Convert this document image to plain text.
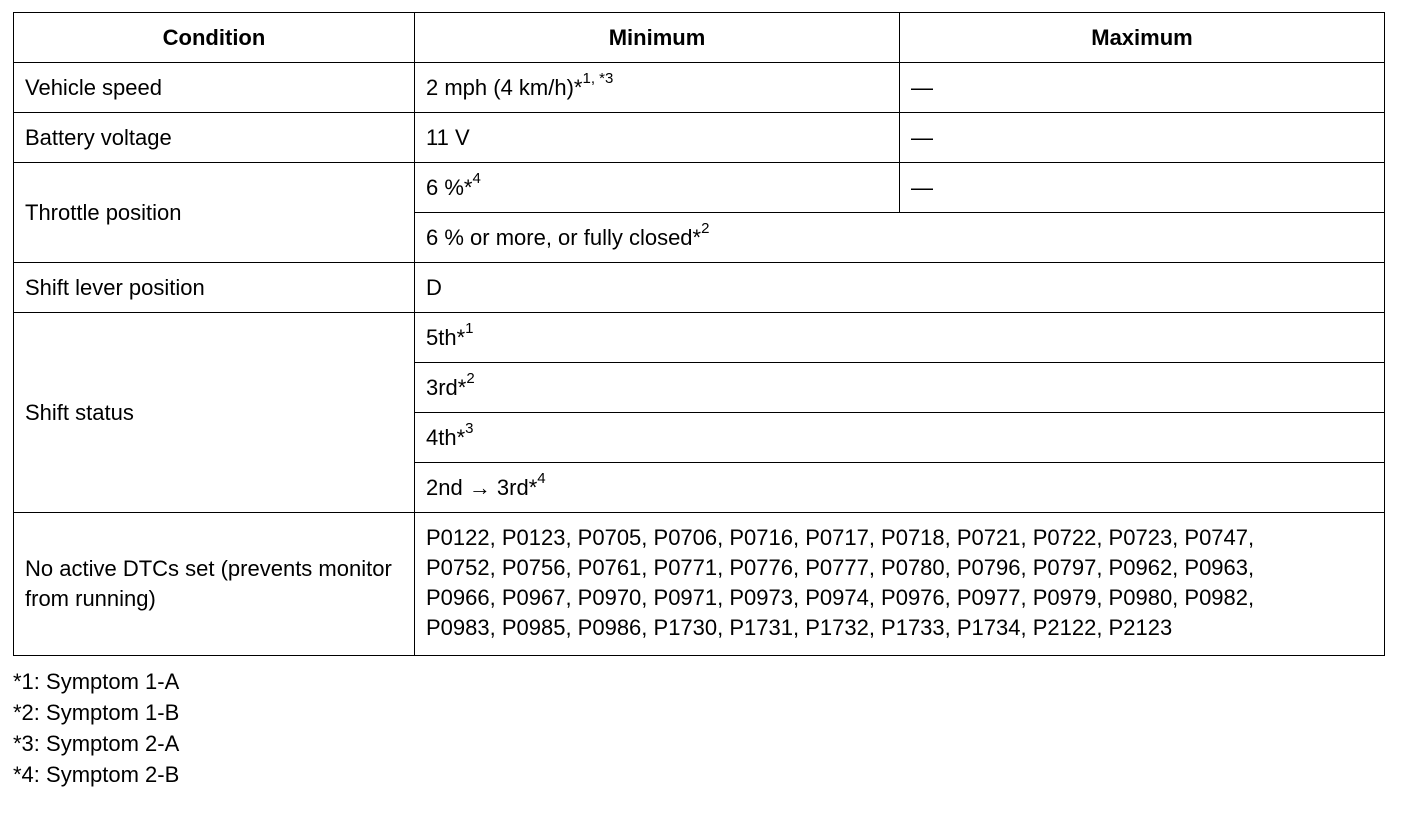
Condition	Minimum	Maximum
Vehicle speed	2 mph (4 km/h)*$^{1, *3}$	—
Battery voltage	11 V	—
Throttle position	6 %*$^4$	—
	6 % or more, or fully closed*$^2$
Shift lever position	D	
Shift status	5th*$^1$
	3rd*$^2$
	4th*$^3$
	2nd → 3rd*$^4$
No active DTCs set (prevents monitor from running)	P0122, P0123, P0705, P0706, P0716, P0717, P0718, P0721, P0722, P0723, P0747,
P0752, P0756, P0761, P0771, P0776, P0777, P0780, P0796, P0797, P0962, P0963,
P0966, P0967, P0970, P0971, P0973, P0974, P0976, P0977, P0979, P0980, P0982,
P0983, P0985, P0986, P1730, P1731, P1732, P1733, P1734, P2122, P2123	
*1: Symptom 1-A
*2: Symptom 1-B
*3: Symptom 2-A
*4: Symptom 2-B
